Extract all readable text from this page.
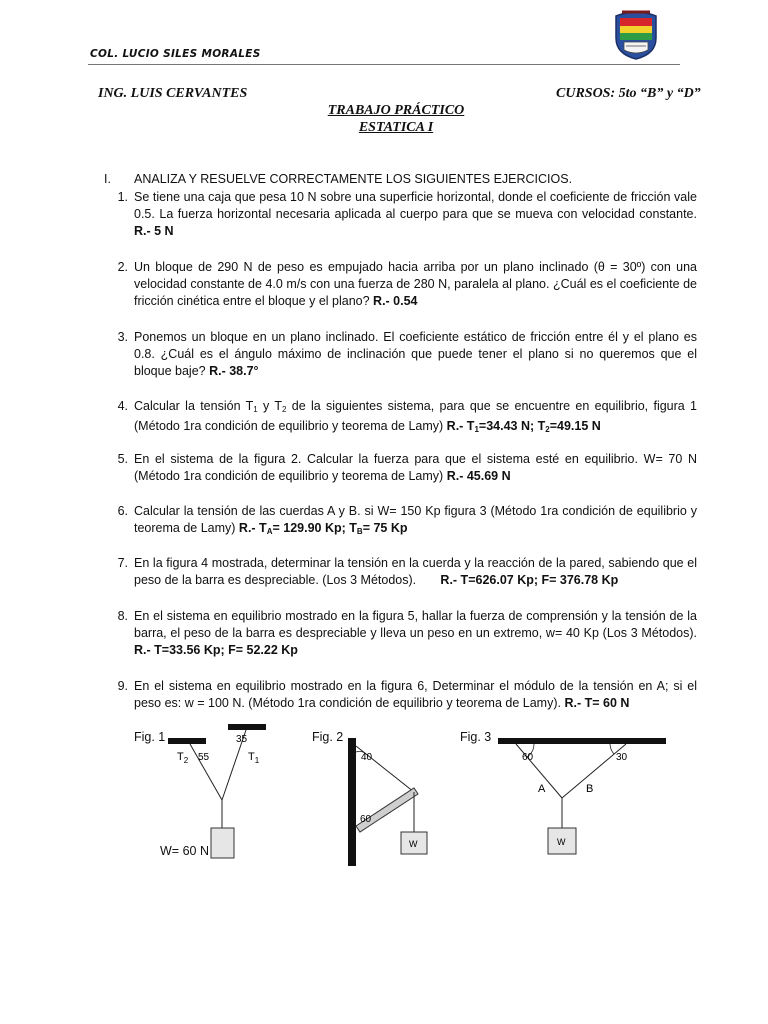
COL. LUCIO SILES MORALES
ING. LUIS CERVANTES	CURSOS: 5to “B” y “D”
TRABAJO PRÁCTICO
ESTATICA I
I. ANALIZA Y RESUELVE CORRECTAMENTE LOS SIGUIENTES EJERCICIOS.
1. Se tiene una caja que pesa 10 N sobre una superficie horizontal, donde el coeficiente de fricción vale 0.5. La fuerza horizontal necesaria aplicada al cuerpo para que se mueva con velocidad constante. R.- 5 N
2. Un bloque de 290 N de peso es empujado hacia arriba por un plano inclinado (θ = 30º) con una velocidad constante de 4.0 m/s con una fuerza de 280 N, paralela al plano. ¿Cuál es el coeficiente de fricción cinética entre el bloque y el plano? R.- 0.54
3. Ponemos un bloque en un plano inclinado. El coeficiente estático de fricción entre él y el plano es 0.8. ¿Cuál es el ángulo máximo de inclinación que puede tener el plano si no queremos que el bloque baje? R.- 38.7°
4. Calcular la tensión $T_1$ y $T_2$ de la siguientes sistema, para que se encuentre en equilibrio, figura 1 (Método 1ra condición de equilibrio y teorema de Lamy) R.- $T_1=34.43$ N; $T_2=49.15$ N
5. En el sistema de la figura 2. Calcular la fuerza para que el sistema esté en equilibrio. W= 70 N (Método 1ra condición de equilibrio y teorema de Lamy) R.- 45.69 N
6. Calcular la tensión de las cuerdas A y B. si W= 150 Kp figura 3 (Método 1ra condición de equilibrio y teorema de Lamy) R.- $T_A= 129.90$ Kp; $T_B= 75$ Kp
7. En la figura 4 mostrada, determinar la tensión en la cuerda y la reacción de la pared, sabiendo que el peso de la barra es despreciable. (Los 3 Métodos). R.- T=626.07 Kp; F= 376.78 Kp
8. En el sistema en equilibrio mostrado en la figura 5, hallar la fuerza de comprensión y la tensión de la barra, el peso de la barra es despreciable y lleva un peso en un extremo, w= 40 Kp (Los 3 Métodos). R.- T=33.56 Kp; F= 52.22 Kp
9. En el sistema en equilibrio mostrado en la figura 6, Determinar el módulo de la tensión en A; si el peso es: w = 100 N. (Método 1ra condición de equilibrio y teorema de Lamy). R.- T= 60 N
Fig. 1	Fig. 2	Fig. 3
$T_2$ 55
35
$T_1$
W= 60 N
40
60
W
60	30
A	B
W
